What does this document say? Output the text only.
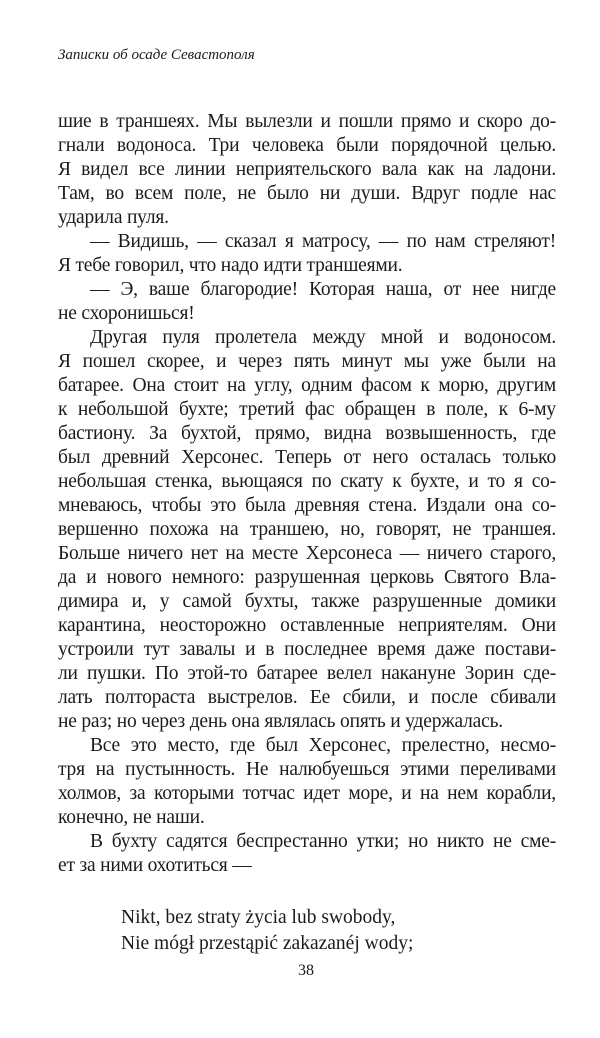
Записки об осаде Севастополя
шие в траншеях. Мы вылезли и пошли прямо и скоро до-
гнали водоноса. Три человека были порядочной целью.
Я видел все линии неприятельского вала как на ладони.
Там, во всем поле, не было ни души. Вдруг подле нас
ударила пуля.
— Видишь, — сказал я матросу, — по нам стреляют!
Я тебе говорил, что надо идти траншеями.
— Э, ваше благородие! Которая наша, от нее нигде
не схоронишься!
Другая пуля пролетела между мной и водоносом.
Я пошел скорее, и через пять минут мы уже были на
батарее. Она стоит на углу, одним фасом к морю, другим
к небольшой бухте; третий фас обращен в поле, к 6-му
бастиону. За бухтой, прямо, видна возвышенность, где
был древний Херсонес. Теперь от него осталась только
небольшая стенка, вьющаяся по скату к бухте, и то я со-
мневаюсь, чтобы это была древняя стена. Издали она со-
вершенно похожа на траншею, но, говорят, не траншея.
Больше ничего нет на месте Херсонеса — ничего старого,
да и нового немного: разрушенная церковь Святого Вла-
димира и, у самой бухты, также разрушенные домики
карантина, неосторожно оставленные неприятелям. Они
устроили тут завалы и в последнее время даже постави-
ли пушки. По этой-то батарее велел накануне Зорин сде-
лать полтораста выстрелов. Ее сбили, и после сбивали
не раз; но через день она являлась опять и удержалась.
Все это место, где был Херсонес, прелестно, несмо-
тря на пустынность. Не налюбуешься этими переливами
холмов, за которыми тотчас идет море, и на нем корабли,
конечно, не наши.
В бухту садятся беспрестанно утки; но никто не сме-
ет за ними охотиться —
Nikt, bez straty życia lub swobody,
Nie mógł przestąpić zakazanéj wody;
38
